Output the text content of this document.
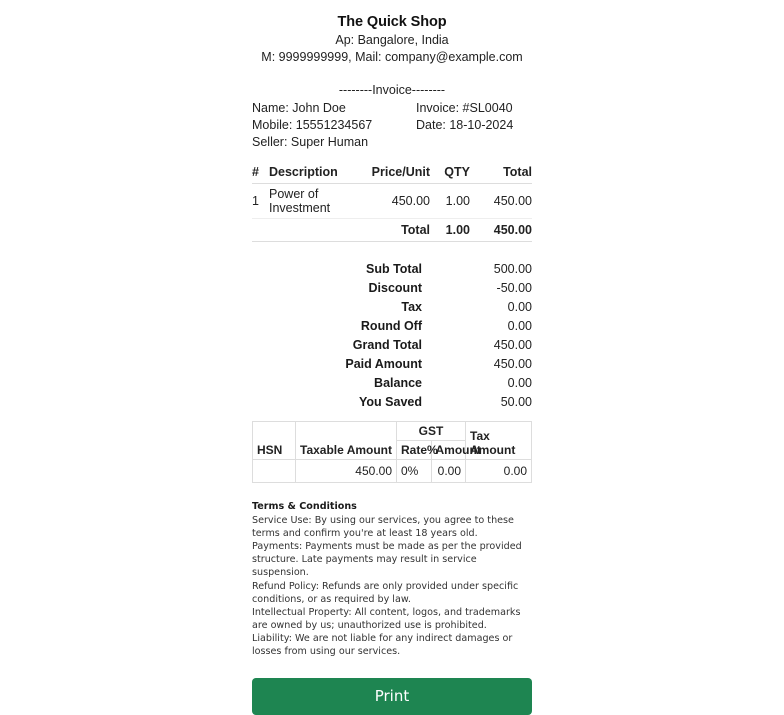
The Quick Shop
Ap: Bangalore, India
M: 9999999999, Mail: company@example.com
--------Invoice--------
Name: John Doe	Invoice: #SL0040
Mobile: 15551234567	Date: 18-10-2024
Seller: Super Human
#	Description	Price/Unit	QTY	Total
1	Power of Investment	450.00	1.00	450.00
		Total	1.00	450.00
Sub Total	500.00
Discount	-50.00
Tax	0.00
Round Off	0.00
Grand Total	450.00
Paid Amount	450.00
Balance	0.00
You Saved	50.00
HSN	Taxable Amount	GST		Tax Amount
		Rate%	Amount	
	450.00	0%	0.00	0.00
Terms & Conditions
Service Use: By using our services, you agree to these
terms and confirm you're at least 18 years old.
Payments: Payments must be made as per the provided
structure. Late payments may result in service suspension.
Refund Policy: Refunds are only provided under specific
conditions, or as required by law.
Intellectual Property: All content, logos, and trademarks
are owned by us; unauthorized use is prohibited.
Liability: We are not liable for any indirect damages or
losses from using our services.
Print
